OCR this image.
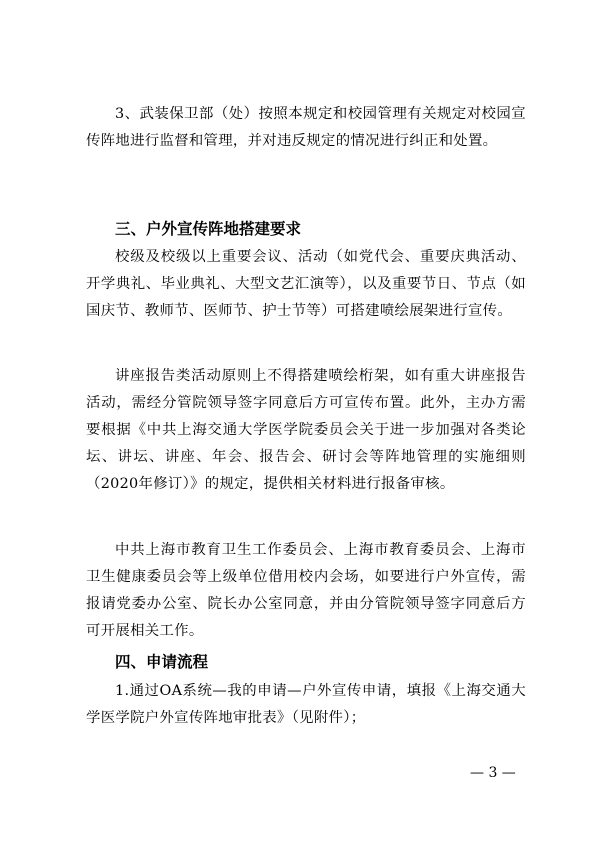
3、武装保卫部（处）按照本规定和校园管理有关规定对校园宣传阵地进行监督和管理，并对违反规定的情况进行纠正和处置。

三、户外宣传阵地搭建要求

校级及校级以上重要会议、活动（如党代会、重要庆典活动、开学典礼、毕业典礼、大型文艺汇演等），以及重要节日、节点（如国庆节、教师节、医师节、护士节等）可搭建喷绘展架进行宣传。

讲座报告类活动原则上不得搭建喷绘桁架，如有重大讲座报告活动，需经分管院领导签字同意后方可宣传布置。此外，主办方需要根据《中共上海交通大学医学院委员会关于进一步加强对各类论坛、讲坛、讲座、年会、报告会、研讨会等阵地管理的实施细则（2020年修订）》的规定，提供相关材料进行报备审核。

中共上海市教育卫生工作委员会、上海市教育委员会、上海市卫生健康委员会等上级单位借用校内会场，如要进行户外宣传，需报请党委办公室、院长办公室同意，并由分管院领导签字同意后方可开展相关工作。

四、申请流程

1.通过OA系统—我的申请—户外宣传申请，填报《上海交通大学医学院户外宣传阵地审批表》（见附件）；

— 3 —
